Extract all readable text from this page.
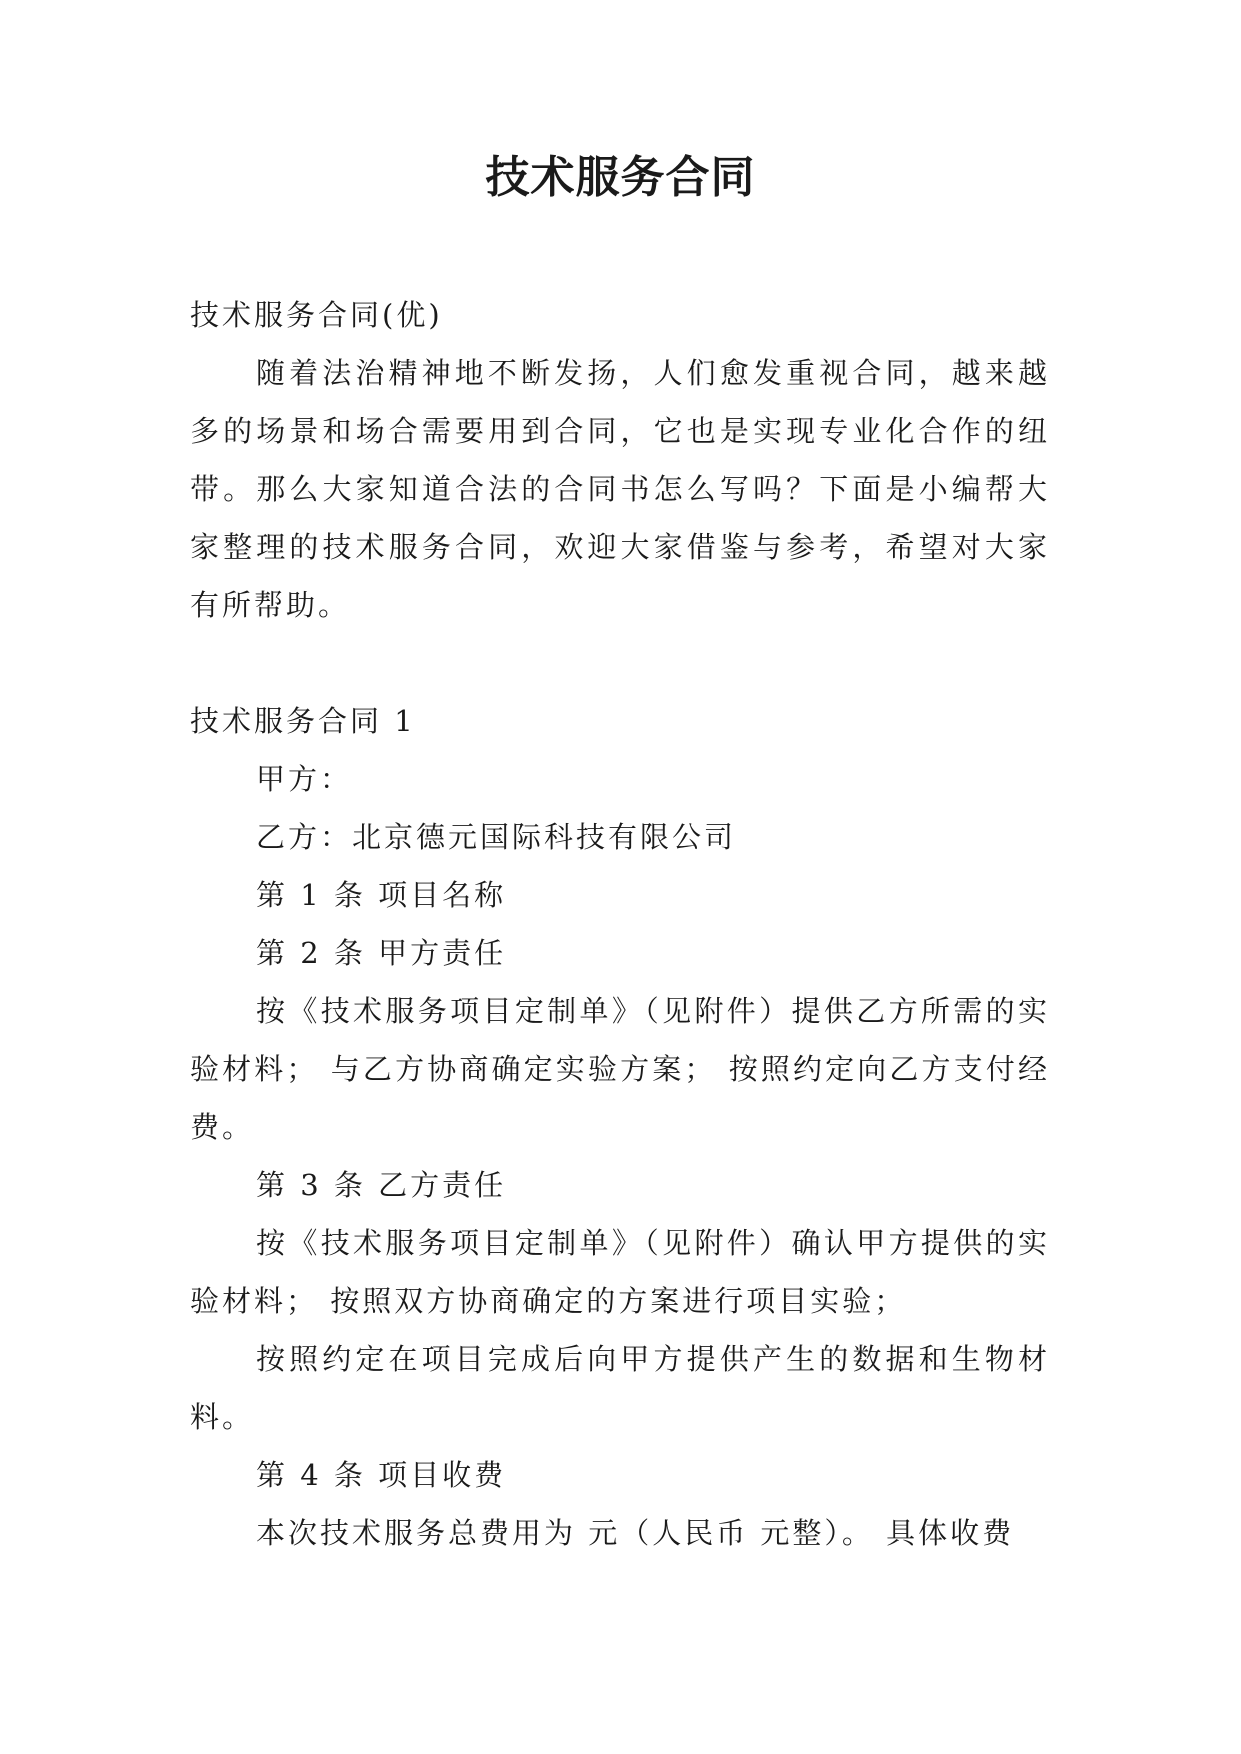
技术服务合同

技术服务合同(优)

随着法治精神地不断发扬，人们愈发重视合同，越来越多的场景和场合需要用到合同，它也是实现专业化合作的纽带。那么大家知道合法的合同书怎么写吗？下面是小编帮大家整理的技术服务合同，欢迎大家借鉴与参考，希望对大家有所帮助。

技术服务合同 1

甲方：

乙方：北京德元国际科技有限公司

第 1 条 项目名称

第 2 条 甲方责任

按《技术服务项目定制单》（见附件）提供乙方所需的实验材料； 与乙方协商确定实验方案； 按照约定向乙方支付经费。

第 3 条 乙方责任

按《技术服务项目定制单》（见附件）确认甲方提供的实验材料； 按照双方协商确定的方案进行项目实验；

按照约定在项目完成后向甲方提供产生的数据和生物材料。

第 4 条 项目收费

本次技术服务总费用为 元（人民币 元整）。 具体收费
